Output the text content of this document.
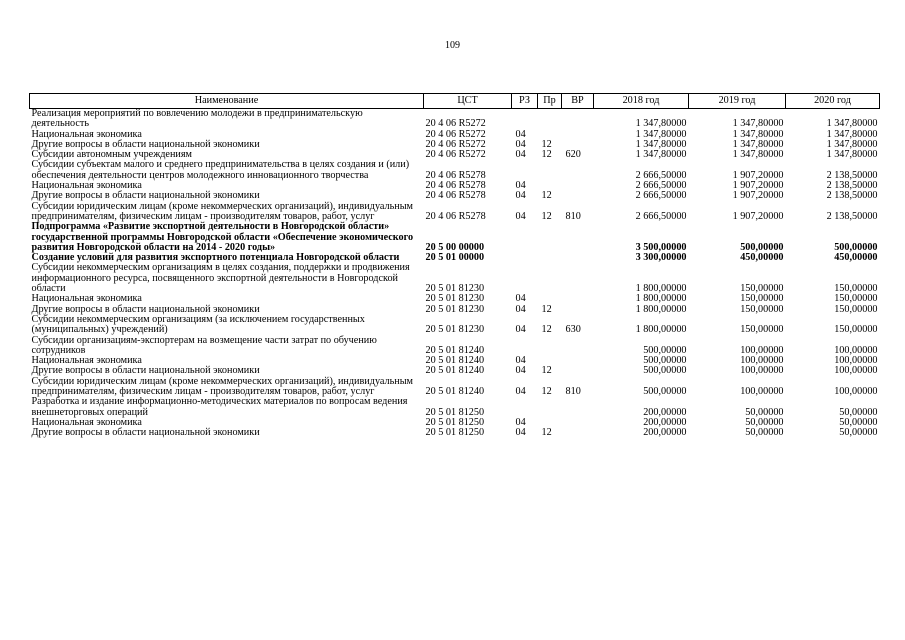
109
Наименование	ЦСТ	РЗ	Пр	ВР	2018 год	2019 год	2020 год
Реализация мероприятий по вовлечению молодежи в предпринимательскую деятельность	20 4 06 R5272				1 347,80000	1 347,80000	1 347,80000
Национальная экономика	20 4 06 R5272	04			1 347,80000	1 347,80000	1 347,80000
Другие вопросы в области национальной экономики	20 4 06 R5272	04	12		1 347,80000	1 347,80000	1 347,80000
Субсидии автономным учреждениям	20 4 06 R5272	04	12	620	1 347,80000	1 347,80000	1 347,80000
Субсидии субъектам малого и среднего предпринимательства в целях создания и (или) обеспечения деятельности центров молодежного инновационного творчества	20 4 06 R5278				2 666,50000	1 907,20000	2 138,50000
Национальная экономика	20 4 06 R5278	04			2 666,50000	1 907,20000	2 138,50000
Другие вопросы в области национальной экономики	20 4 06 R5278	04	12		2 666,50000	1 907,20000	2 138,50000
Субсидии юридическим лицам (кроме некоммерческих организаций), индивидуальным предпринимателям, физическим лицам - производителям товаров, работ, услуг	20 4 06 R5278	04	12	810	2 666,50000	1 907,20000	2 138,50000
Подпрограмма «Развитие экспортной деятельности в Новгородской области» государственной программы Новгородской области «Обеспечение экономического развития Новгородской области на 2014 - 2020 годы»	20 5 00 00000				3 500,00000	500,00000	500,00000
Создание условий для развития экспортного потенциала Новгородской области	20 5 01 00000				3 300,00000	450,00000	450,00000
Субсидии некоммерческим организациям в целях создания, поддержки и продвижения информационного ресурса, посвященного экспортной деятельности в Новгородской области	20 5 01 81230				1 800,00000	150,00000	150,00000
Национальная экономика	20 5 01 81230	04			1 800,00000	150,00000	150,00000
Другие вопросы в области национальной экономики	20 5 01 81230	04	12		1 800,00000	150,00000	150,00000
Субсидии некоммерческим организациям (за исключением государственных (муниципальных) учреждений)	20 5 01 81230	04	12	630	1 800,00000	150,00000	150,00000
Субсидии организациям-экспортерам на возмещение части затрат по обучению сотрудников	20 5 01 81240				500,00000	100,00000	100,00000
Национальная экономика	20 5 01 81240	04			500,00000	100,00000	100,00000
Другие вопросы в области национальной экономики	20 5 01 81240	04	12		500,00000	100,00000	100,00000
Субсидии юридическим лицам (кроме некоммерческих организаций), индивидуальным предпринимателям, физическим лицам - производителям товаров, работ, услуг	20 5 01 81240	04	12	810	500,00000	100,00000	100,00000
Разработка и издание информационно-методических материалов по вопросам ведения внешнеторговых операций	20 5 01 81250				200,00000	50,00000	50,00000
Национальная экономика	20 5 01 81250	04			200,00000	50,00000	50,00000
Другие вопросы в области национальной экономики	20 5 01 81250	04	12		200,00000	50,00000	50,00000
